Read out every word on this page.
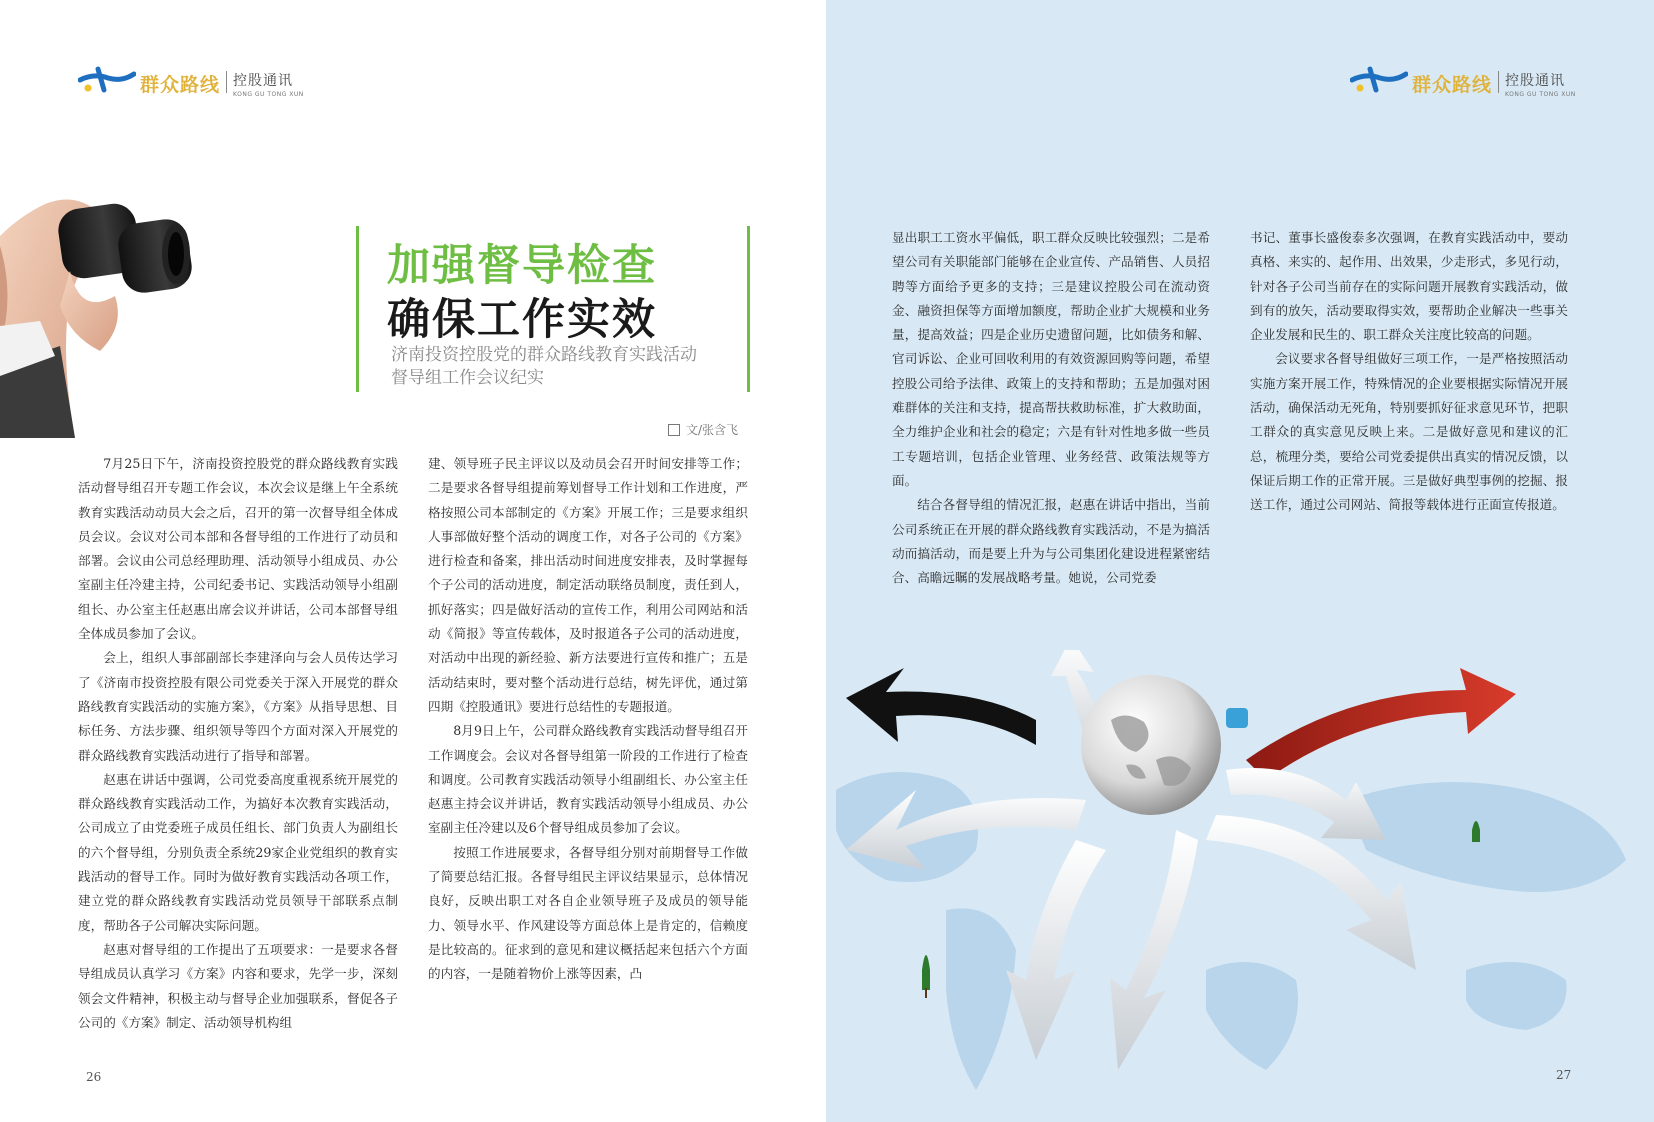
群众路线 控股通讯
KONG GU TONG XUN
加强督导检查
确保工作实效
济南投资控股党的群众路线教育实践活动
督导组工作会议纪实
文/张含飞

7月25日下午，济南投资控股党的群众路线教育实践活动督导组召开专题工作会议，本次会议是继上午全系统教育实践活动动员大会之后，召开的第一次督导组全体成员会议。会议对公司本部和各督导组的工作进行了动员和部署。会议由公司总经理助理、活动领导小组成员、办公室副主任冷建主持，公司纪委书记、实践活动领导小组副组长、办公室主任赵惠出席会议并讲话，公司本部督导组全体成员参加了会议。

会上，组织人事部副部长李建泽向与会人员传达学习了《济南市投资控股有限公司党委关于深入开展党的群众路线教育实践活动的实施方案》，《方案》从指导思想、目标任务、方法步骤、组织领导等四个方面对深入开展党的群众路线教育实践活动进行了指导和部署。

赵惠在讲话中强调，公司党委高度重视系统开展党的群众路线教育实践活动工作，为搞好本次教育实践活动，公司成立了由党委班子成员任组长、部门负责人为副组长的六个督导组，分别负责全系统29家企业党组织的教育实践活动的督导工作。同时为做好教育实践活动各项工作，建立党的群众路线教育实践活动党员领导干部联系点制度，帮助各子公司解决实际问题。

赵惠对督导组的工作提出了五项要求：一是要求各督导组成员认真学习《方案》内容和要求，先学一步，深刻领会文件精神，积极主动与督导企业加强联系，督促各子公司的《方案》制定、活动领导机构组

建、领导班子民主评议以及动员会召开时间安排等工作；二是要求各督导组提前筹划督导工作计划和工作进度，严格按照公司本部制定的《方案》开展工作；三是要求组织人事部做好整个活动的调度工作，对各子公司的《方案》进行检查和备案，排出活动时间进度安排表，及时掌握每个子公司的活动进度，制定活动联络员制度，责任到人，抓好落实；四是做好活动的宣传工作，利用公司网站和活动《简报》等宣传载体，及时报道各子公司的活动进度，对活动中出现的新经验、新方法要进行宣传和推广；五是活动结束时，要对整个活动进行总结，树先评优，通过第四期《控股通讯》要进行总结性的专题报道。

8月9日上午，公司群众路线教育实践活动督导组召开工作调度会。会议对各督导组第一阶段的工作进行了检查和调度。公司教育实践活动领导小组副组长、办公室主任赵惠主持会议并讲话，教育实践活动领导小组成员、办公室副主任冷建以及6个督导组成员参加了会议。

按照工作进展要求，各督导组分别对前期督导工作做了简要总结汇报。各督导组民主评议结果显示，总体情况良好，反映出职工对各自企业领导班子及成员的领导能力、领导水平、作风建设等方面总体上是肯定的，信赖度是比较高的。征求到的意见和建议概括起来包括六个方面的内容，一是随着物价上涨等因素，凸

26
群众路线 控股通讯
KONG GU TONG XUN

显出职工工资水平偏低，职工群众反映比较强烈；二是希望公司有关职能部门能够在企业宣传、产品销售、人员招聘等方面给予更多的支持；三是建议控股公司在流动资金、融资担保等方面增加额度，帮助企业扩大规模和业务量，提高效益；四是企业历史遗留问题，比如债务和解、官司诉讼、企业可回收利用的有效资源回购等问题，希望控股公司给予法律、政策上的支持和帮助；五是加强对困难群体的关注和支持，提高帮扶救助标准，扩大救助面，全力维护企业和社会的稳定；六是有针对性地多做一些员工专题培训，包括企业管理、业务经营、政策法规等方面。

结合各督导组的情况汇报，赵惠在讲话中指出，当前公司系统正在开展的群众路线教育实践活动，不是为搞活动而搞活动，而是要上升为与公司集团化建设进程紧密结合、高瞻远瞩的发展战略考量。她说，公司党委

书记、董事长盛俊泰多次强调，在教育实践活动中，要动真格、来实的、起作用、出效果，少走形式，多见行动，针对各子公司当前存在的实际问题开展教育实践活动，做到有的放矢，活动要取得实效，要帮助企业解决一些事关企业发展和民生的、职工群众关注度比较高的问题。

会议要求各督导组做好三项工作，一是严格按照活动实施方案开展工作，特殊情况的企业要根据实际情况开展活动，确保活动无死角，特别要抓好征求意见环节，把职工群众的真实意见反映上来。二是做好意见和建议的汇总，梳理分类，要给公司党委提供出真实的情况反馈，以保证后期工作的正常开展。三是做好典型事例的挖掘、报送工作，通过公司网站、简报等载体进行正面宣传报道。

27
